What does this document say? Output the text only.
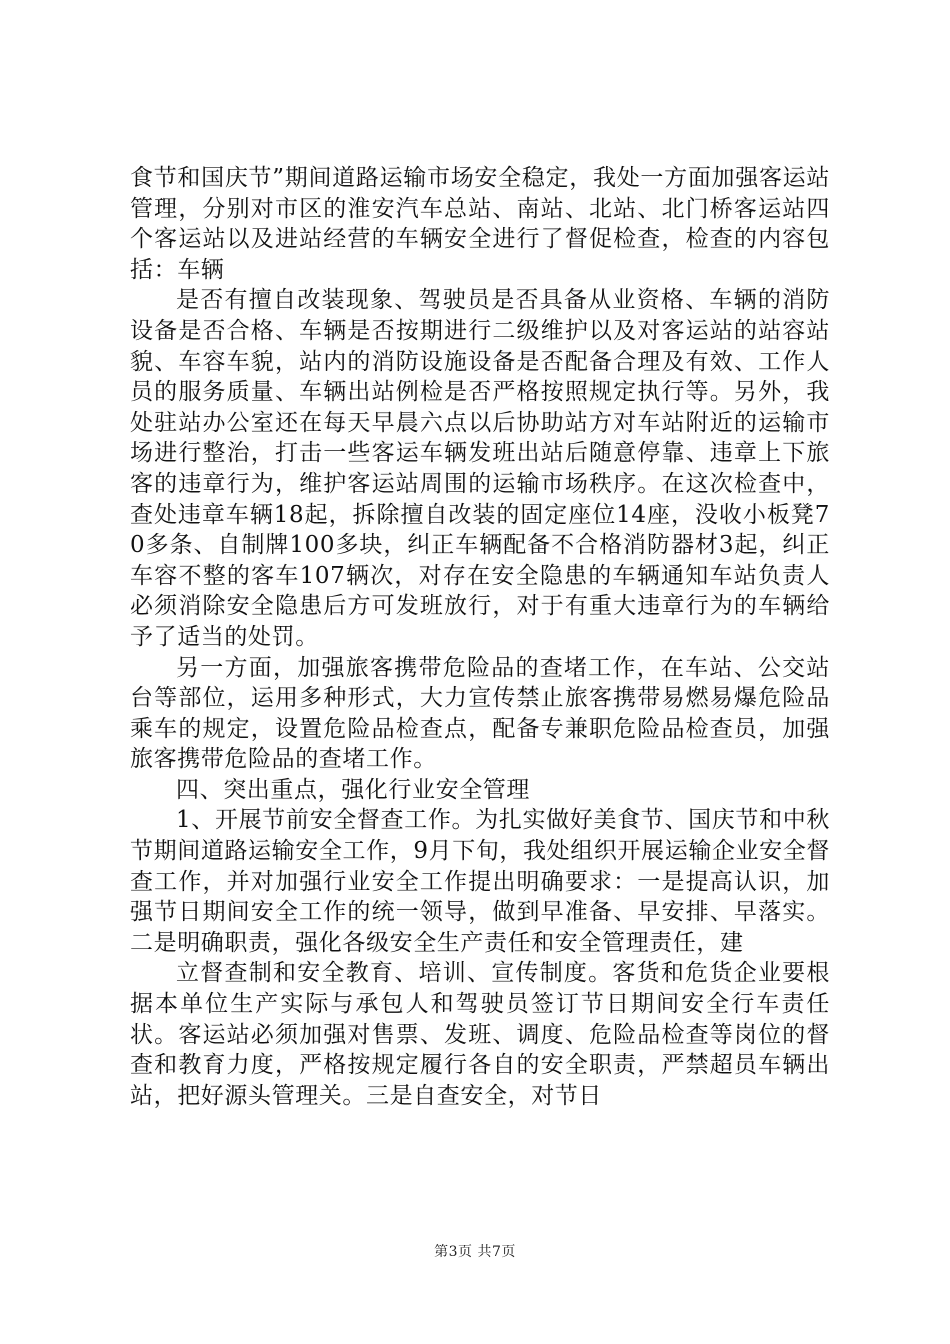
食节和国庆节”期间道路运输市场安全稳定，我处一方面加强客运站管理，分别对市区的淮安汽车总站、南站、北站、北门桥客运站四个客运站以及进站经营的车辆安全进行了督促检查，检查的内容包括：车辆

是否有擅自改装现象、驾驶员是否具备从业资格、车辆的消防设备是否合格、车辆是否按期进行二级维护以及对客运站的站容站貌、车容车貌，站内的消防设施设备是否配备合理及有效、工作人员的服务质量、车辆出站例检是否严格按照规定执行等。另外，我处驻站办公室还在每天早晨六点以后协助站方对车站附近的运输市场进行整治，打击一些客运车辆发班出站后随意停靠、违章上下旅客的违章行为，维护客运站周围的运输市场秩序。在这次检查中，查处违章车辆18起，拆除擅自改装的固定座位14座，没收小板凳70多条、自制牌100多块，纠正车辆配备不合格消防器材3起，纠正车容不整的客车107辆次，对存在安全隐患的车辆通知车站负责人必须消除安全隐患后方可发班放行，对于有重大违章行为的车辆给予了适当的处罚。

另一方面，加强旅客携带危险品的查堵工作，在车站、公交站台等部位，运用多种形式，大力宣传禁止旅客携带易燃易爆危险品乘车的规定，设置危险品检查点，配备专兼职危险品检查员，加强旅客携带危险品的查堵工作。

四、突出重点，强化行业安全管理

1、开展节前安全督查工作。为扎实做好美食节、国庆节和中秋节期间道路运输安全工作，9月下旬，我处组织开展运输企业安全督查工作，并对加强行业安全工作提出明确要求：一是提高认识，加强节日期间安全工作的统一领导，做到早准备、早安排、早落实。二是明确职责，强化各级安全生产责任和安全管理责任，建

立督查制和安全教育、培训、宣传制度。客货和危货企业要根据本单位生产实际与承包人和驾驶员签订节日期间安全行车责任状。客运站必须加强对售票、发班、调度、危险品检查等岗位的督查和教育力度，严格按规定履行各自的安全职责，严禁超员车辆出站，把好源头管理关。三是自查安全，对节日

第3页 共7页
